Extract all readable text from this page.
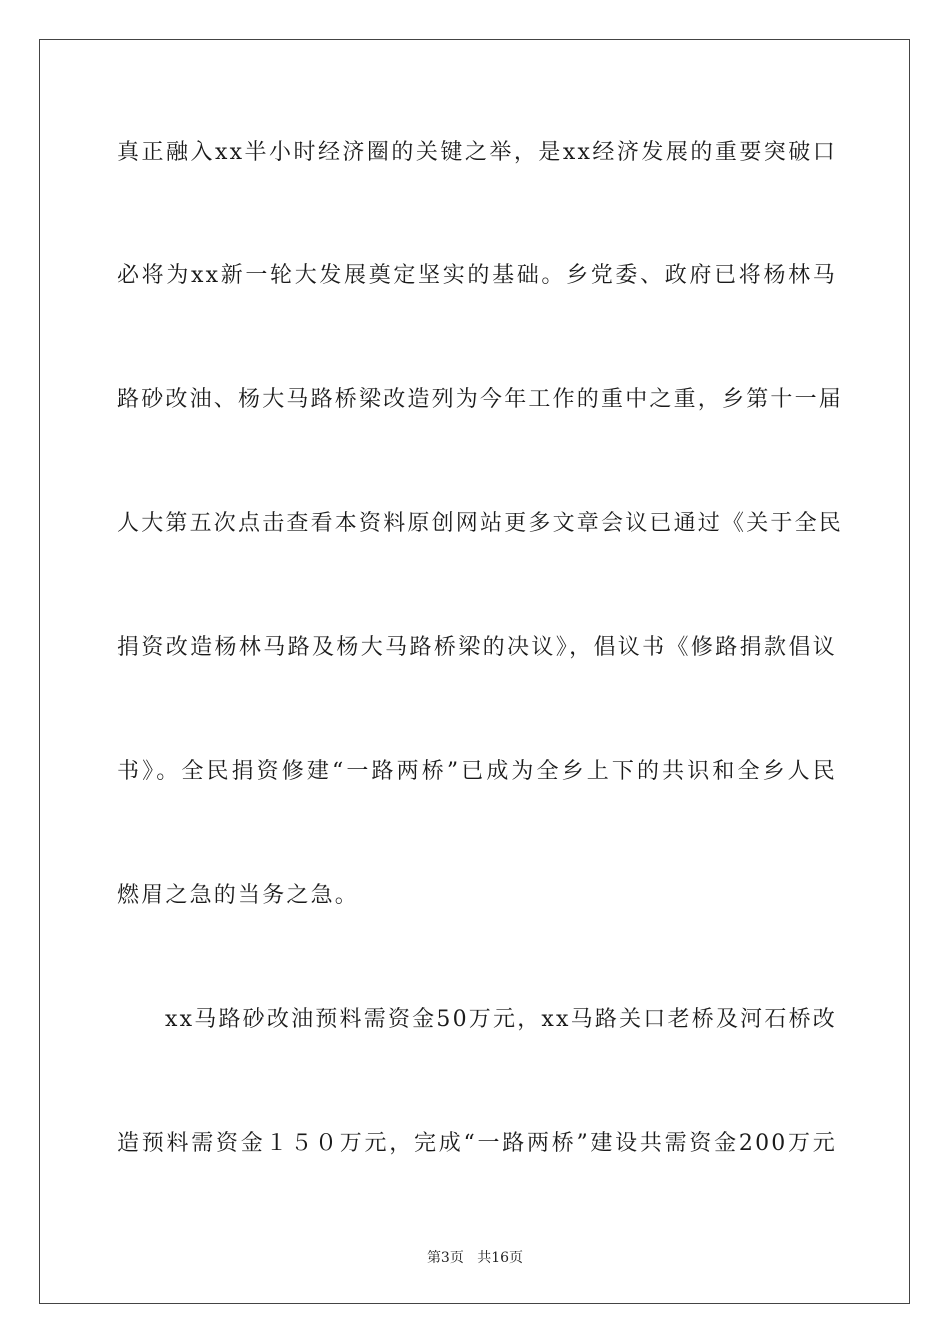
真正融入xx半小时经济圈的关键之举，是xx经济发展的重要突破口
必将为xx新一轮大发展奠定坚实的基础。乡党委、政府已将杨林马
路砂改油、杨大马路桥梁改造列为今年工作的重中之重，乡第十一届
人大第五次点击查看本资料原创网站更多文章会议已通过《关于全民
捐资改造杨林马路及杨大马路桥梁的决议》，倡议书《修路捐款倡议
书》。全民捐资修建“一路两桥”已成为全乡上下的共识和全乡人民
燃眉之急的当务之急。
xx马路砂改油预料需资金50万元，xx马路关口老桥及河石桥改
造预料需资金１５０万元，完成“一路两桥”建设共需资金200万元
第3页 共16页
